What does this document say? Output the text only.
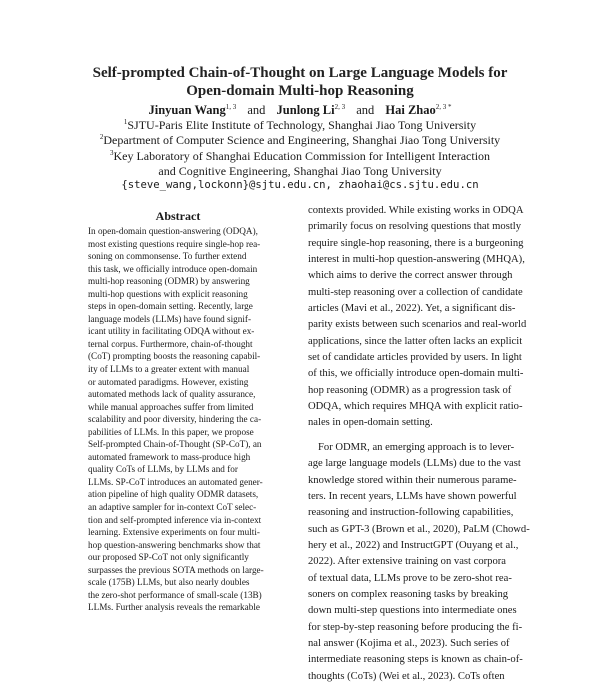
Self-prompted Chain-of-Thought on Large Language Models for
Open-domain Multi-hop Reasoning
Jinyuan Wang$^{1, 3}$ and Junlong Li$^{2, 3}$ and Hai Zhao$^{2, 3 *}$
$^1$SJTU-Paris Elite Institute of Technology, Shanghai Jiao Tong University
$^2$Department of Computer Science and Engineering, Shanghai Jiao Tong University
$^3$Key Laboratory of Shanghai Education Commission for Intelligent Interaction
and Cognitive Engineering, Shanghai Jiao Tong University
{steve_wang,lockonn}@sjtu.edu.cn, zhaohai@cs.sjtu.edu.cn
Abstract
In open-domain question-answering (ODQA),
most existing questions require single-hop rea-
soning on commonsense. To further extend
this task, we officially introduce open-domain
multi-hop reasoning (ODMR) by answering
multi-hop questions with explicit reasoning
steps in open-domain setting. Recently, large
language models (LLMs) have found signif-
icant utility in facilitating ODQA without ex-
ternal corpus. Furthermore, chain-of-thought
(CoT) prompting boosts the reasoning capabil-
ity of LLMs to a greater extent with manual
or automated paradigms. However, existing
automated methods lack of quality assurance,
while manual approaches suffer from limited
scalability and poor diversity, hindering the ca-
pabilities of LLMs. In this paper, we propose
Self-prompted Chain-of-Thought (SP-CoT), an
automated framework to mass-produce high
quality CoTs of LLMs, by LLMs and for
LLMs. SP-CoT introduces an automated gener-
ation pipeline of high quality ODMR datasets,
an adaptive sampler for in-context CoT selec-
tion and self-prompted inference via in-context
learning. Extensive experiments on four multi-
hop question-answering benchmarks show that
our proposed SP-CoT not only significantly
surpasses the previous SOTA methods on large-
scale (175B) LLMs, but also nearly doubles
the zero-shot performance of small-scale (13B)
LLMs. Further analysis reveals the remarkable
contexts provided. While existing works in ODQA
primarily focus on resolving questions that mostly
require single-hop reasoning, there is a burgeoning
interest in multi-hop question-answering (MHQA),
which aims to derive the correct answer through
multi-step reasoning over a collection of candidate
articles (Mavi et al., 2022). Yet, a significant dis-
parity exists between such scenarios and real-world
applications, since the latter often lacks an explicit
set of candidate articles provided by users. In light
of this, we officially introduce open-domain multi-
hop reasoning (ODMR) as a progression task of
ODQA, which requires MHQA with explicit ratio-
nales in open-domain setting.
For ODMR, an emerging approach is to lever-
age large language models (LLMs) due to the vast
knowledge stored within their numerous parame-
ters. In recent years, LLMs have shown powerful
reasoning and instruction-following capabilities,
such as GPT-3 (Brown et al., 2020), PaLM (Chowd-
hery et al., 2022) and InstructGPT (Ouyang et al.,
2022). After extensive training on vast corpora
of textual data, LLMs prove to be zero-shot rea-
soners on complex reasoning tasks by breaking
down multi-step questions into intermediate ones
for step-by-step reasoning before producing the fi-
nal answer (Kojima et al., 2023). Such series of
intermediate reasoning steps is known as chain-of-
thoughts (CoTs) (Wei et al., 2023). CoTs often
